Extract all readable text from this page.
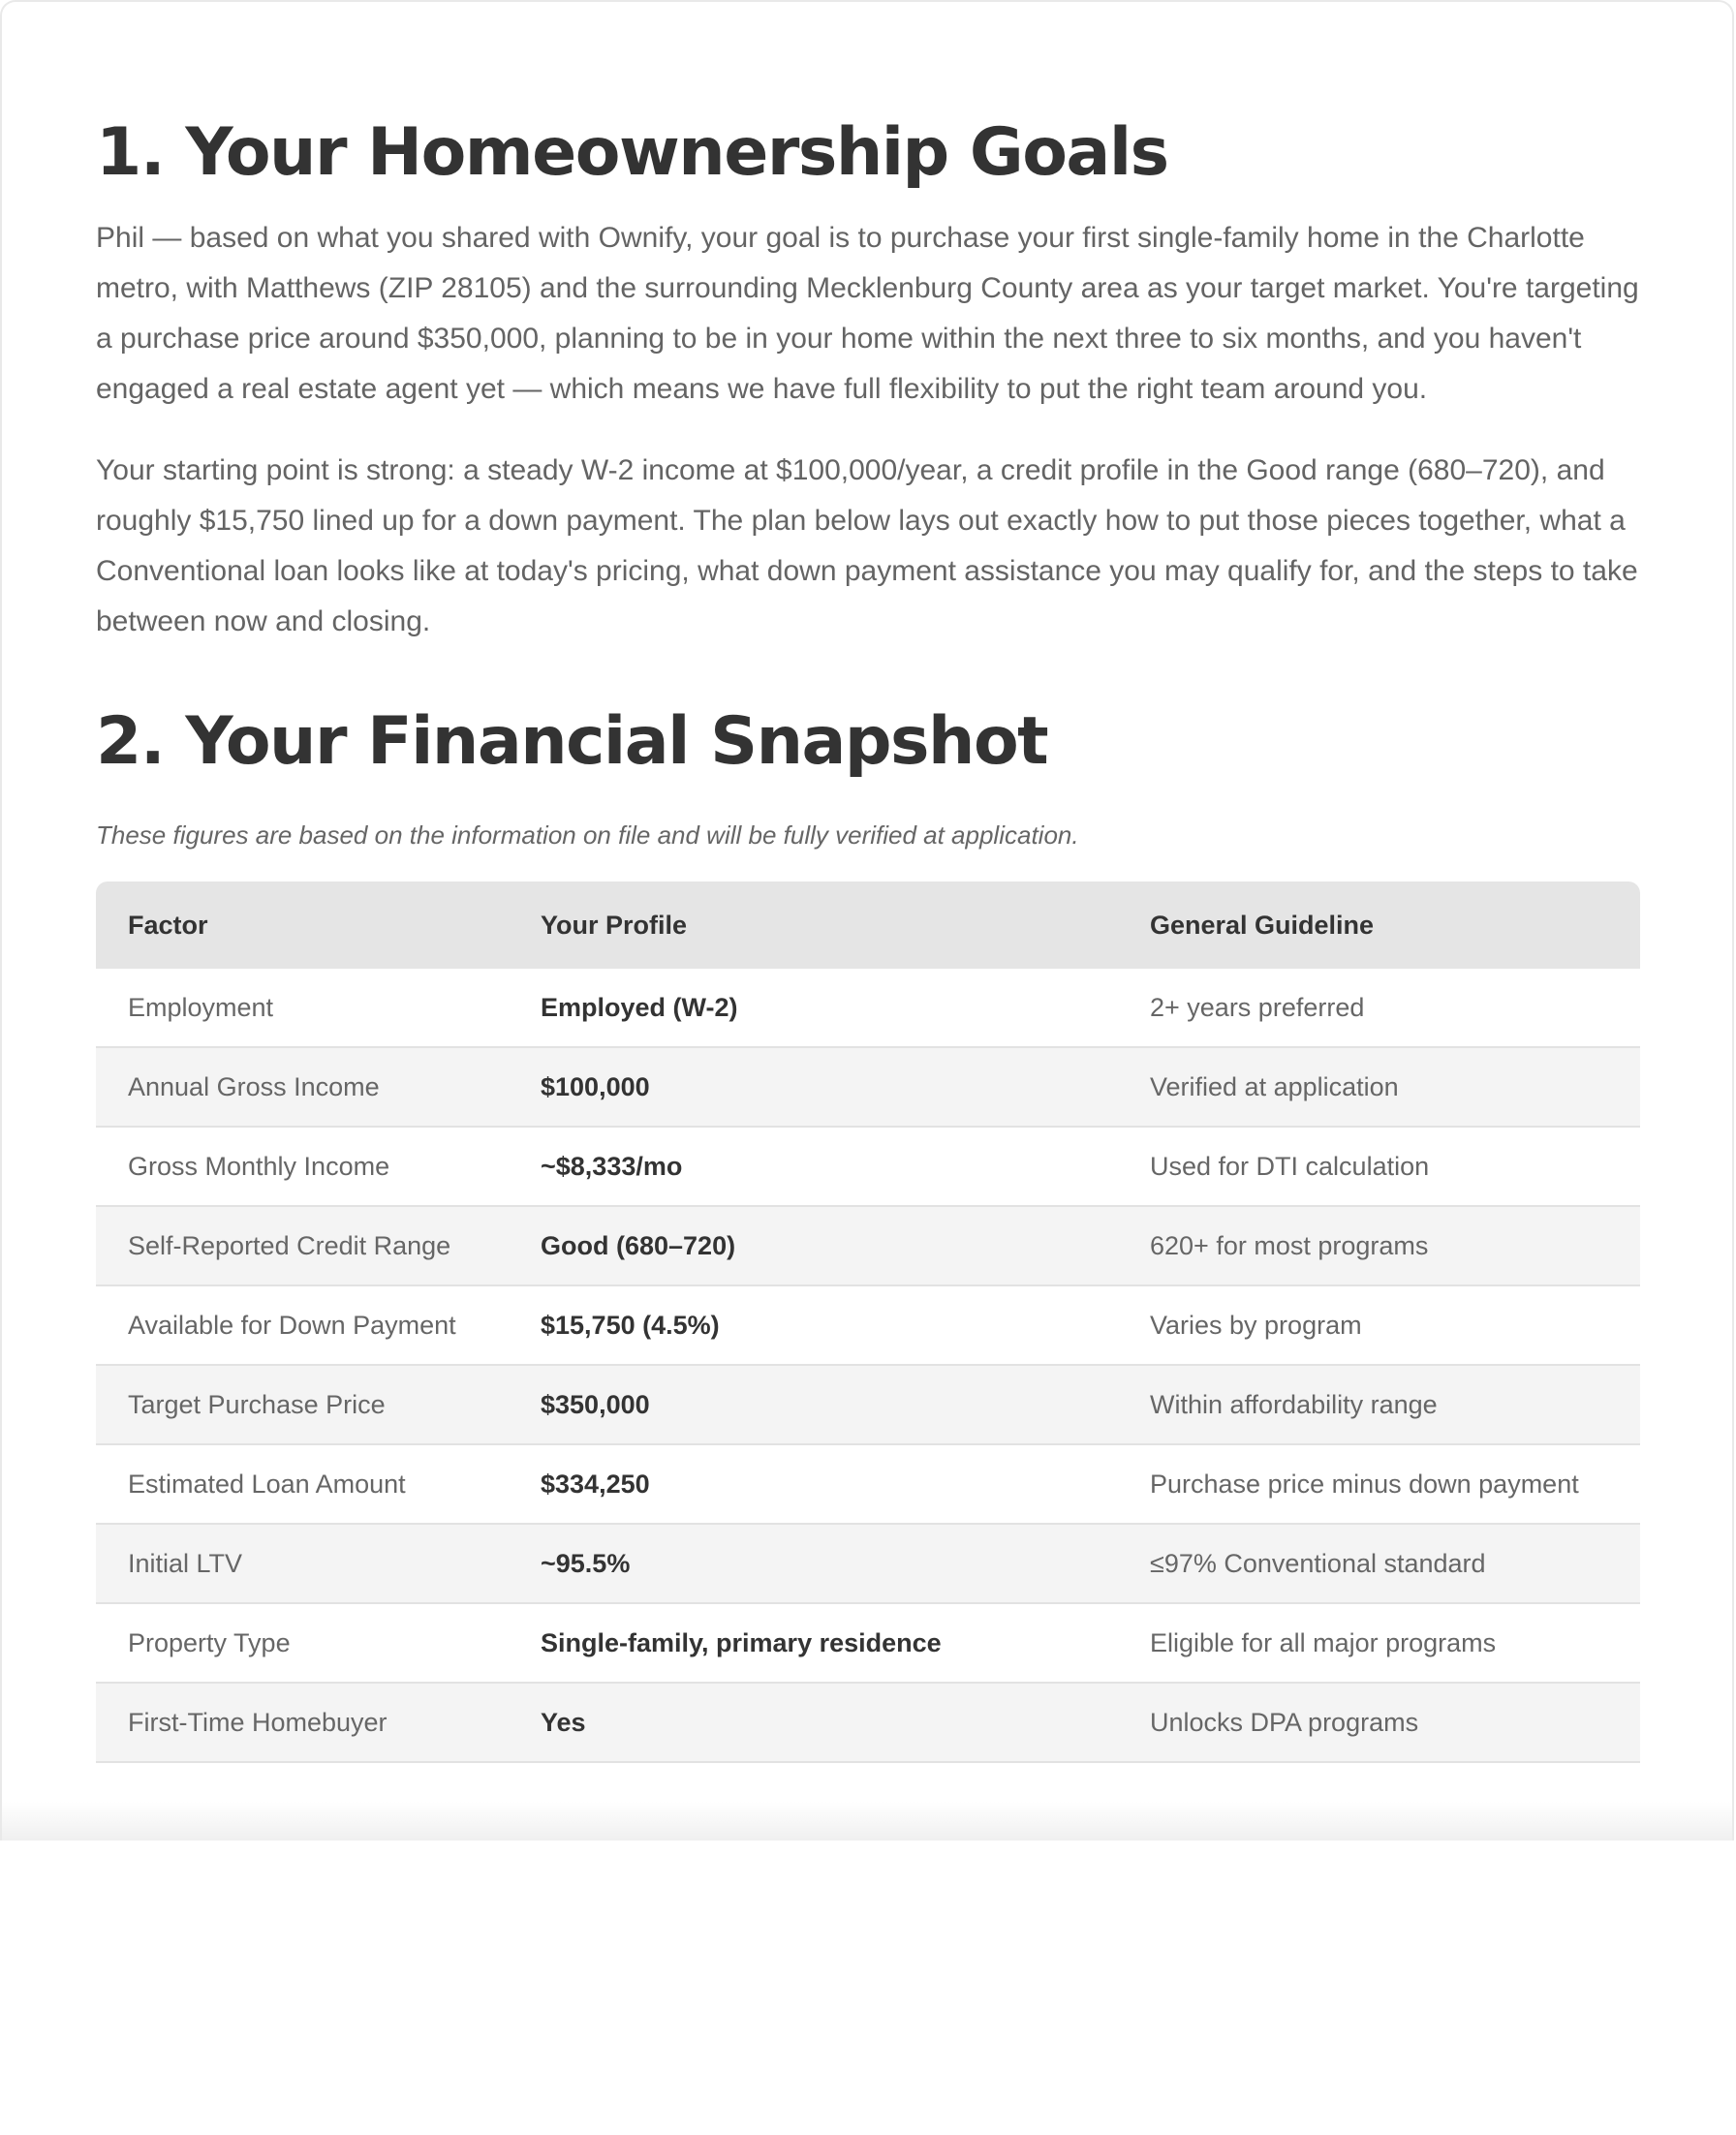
1. Your Homeownership Goals

Phil — based on what you shared with Ownify, your goal is to purchase your first single-family home in the Charlotte metro, with Matthews (ZIP 28105) and the surrounding Mecklenburg County area as your target market. You're targeting a purchase price around $350,000, planning to be in your home within the next three to six months, and you haven't engaged a real estate agent yet — which means we have full flexibility to put the right team around you.

Your starting point is strong: a steady W-2 income at $100,000/year, a credit profile in the Good range (680–720), and roughly $15,750 lined up for a down payment. The plan below lays out exactly how to put those pieces together, what a Conventional loan looks like at today's pricing, what down payment assistance you may qualify for, and the steps to take between now and closing.

2. Your Financial Snapshot

These figures are based on the information on file and will be fully verified at application.

Factor	Your Profile	General Guideline
Employment	Employed (W-2)	2+ years preferred
Annual Gross Income	$100,000	Verified at application
Gross Monthly Income	~$8,333/mo	Used for DTI calculation
Self-Reported Credit Range	Good (680–720)	620+ for most programs
Available for Down Payment	$15,750 (4.5%)	Varies by program
Target Purchase Price	$350,000	Within affordability range
Estimated Loan Amount	$334,250	Purchase price minus down payment
Initial LTV	~95.5%	≤97% Conventional standard
Property Type	Single-family, primary residence	Eligible for all major programs
First-Time Homebuyer	Yes	Unlocks DPA programs
